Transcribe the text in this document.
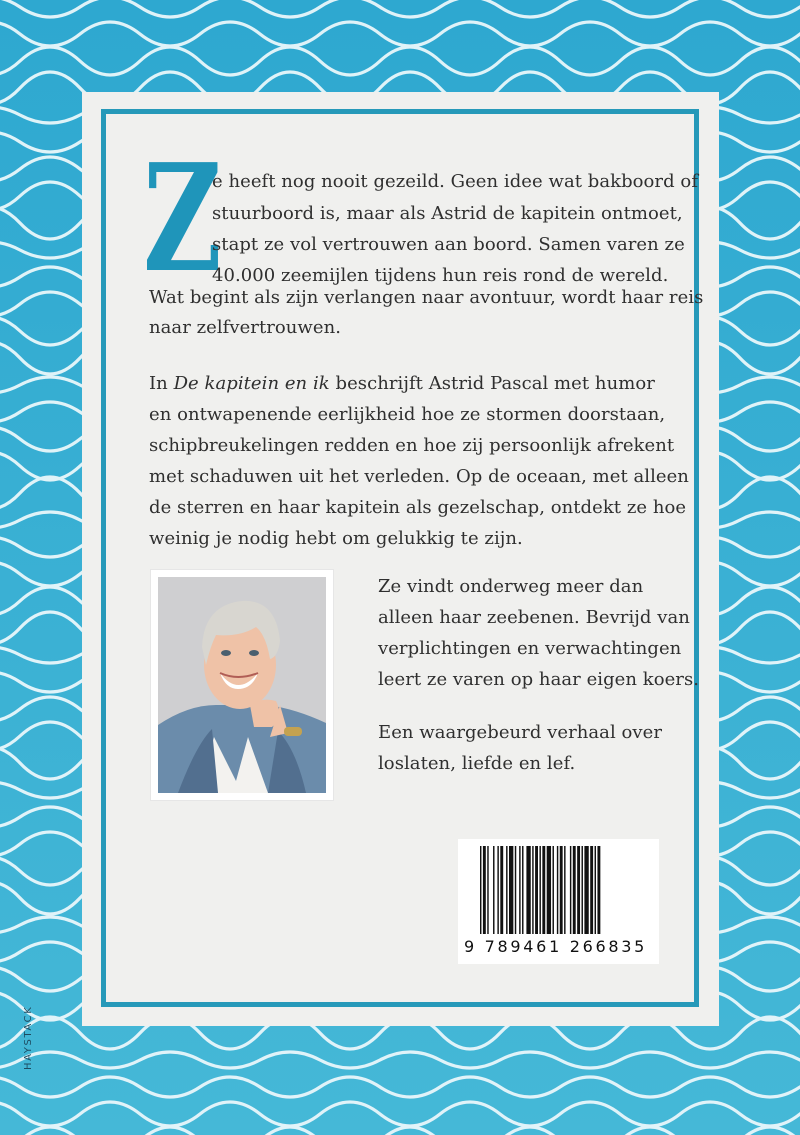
Z
e heeft nog nooit gezeild. Geen idee wat bakboord of
stuurboord is, maar als Astrid de kapitein ontmoet,
stapt ze vol vertrouwen aan boord. Samen varen ze
40.000 zeemijlen tijdens hun reis rond de wereld.
Wat begint als zijn verlangen naar avontuur, wordt haar reis
naar zelfvertrouwen.
In De kapitein en ik beschrijft Astrid Pascal met humor
en ontwapenende eerlijkheid hoe ze stormen doorstaan,
schipbreukelingen redden en hoe zij persoonlijk afrekent
met schaduwen uit het verleden. Op de oceaan, met alleen
de sterren en haar kapitein als gezelschap, ontdekt ze hoe
weinig je nodig hebt om gelukkig te zijn.
Ze vindt onderweg meer dan
alleen haar zeebenen. Bevrijd van
verplichtingen en verwachtingen
leert ze varen op haar eigen koers.
Een waargebeurd verhaal over
loslaten, liefde en lef.
9 789461 266835
HAYSTACK
